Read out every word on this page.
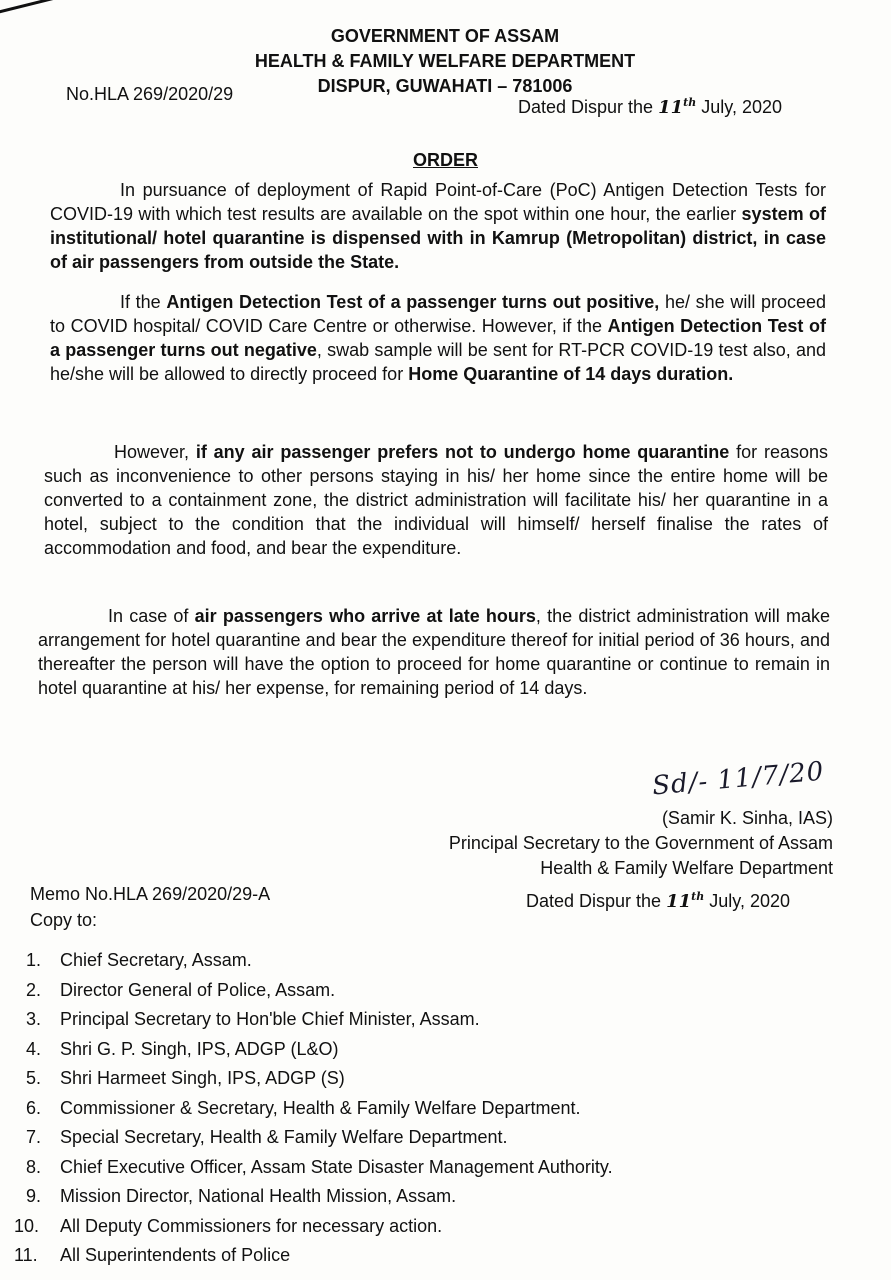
GOVERNMENT OF ASSAM
HEALTH & FAMILY WELFARE DEPARTMENT
DISPUR, GUWAHATI – 781006
No.HLA 269/2020/29
Dated Dispur the 11th July, 2020
ORDER
In pursuance of deployment of Rapid Point-of-Care (PoC) Antigen Detection Tests for COVID-19 with which test results are available on the spot within one hour, the earlier system of institutional/ hotel quarantine is dispensed with in Kamrup (Metropolitan) district, in case of air passengers from outside the State.
If the Antigen Detection Test of a passenger turns out positive, he/ she will proceed to COVID hospital/ COVID Care Centre or otherwise. However, if the Antigen Detection Test of a passenger turns out negative, swab sample will be sent for RT-PCR COVID-19 test also, and he/she will be allowed to directly proceed for Home Quarantine of 14 days duration.
However, if any air passenger prefers not to undergo home quarantine for reasons such as inconvenience to other persons staying in his/ her home since the entire home will be converted to a containment zone, the district administration will facilitate his/ her quarantine in a hotel, subject to the condition that the individual will himself/ herself finalise the rates of accommodation and food, and bear the expenditure.
In case of air passengers who arrive at late hours, the district administration will make arrangement for hotel quarantine and bear the expenditure thereof for initial period of 36 hours, and thereafter the person will have the option to proceed for home quarantine or continue to remain in hotel quarantine at his/ her expense, for remaining period of 14 days.
Sd/- 11/7/20
(Samir K. Sinha, IAS)
Principal Secretary to the Government of Assam
Health & Family Welfare Department
Memo No.HLA 269/2020/29-A
Copy to:
Dated Dispur the 11th July, 2020
1.	Chief Secretary, Assam.
2.	Director General of Police, Assam.
3.	Principal Secretary to Hon'ble Chief Minister, Assam.
4.	Shri G. P. Singh, IPS, ADGP (L&O)
5.	Shri Harmeet Singh, IPS, ADGP (S)
6.	Commissioner & Secretary, Health & Family Welfare Department.
7.	Special Secretary, Health & Family Welfare Department.
8.	Chief Executive Officer, Assam State Disaster Management Authority.
9.	Mission Director, National Health Mission, Assam.
10.	All Deputy Commissioners for necessary action.
11.	All Superintendents of Police
